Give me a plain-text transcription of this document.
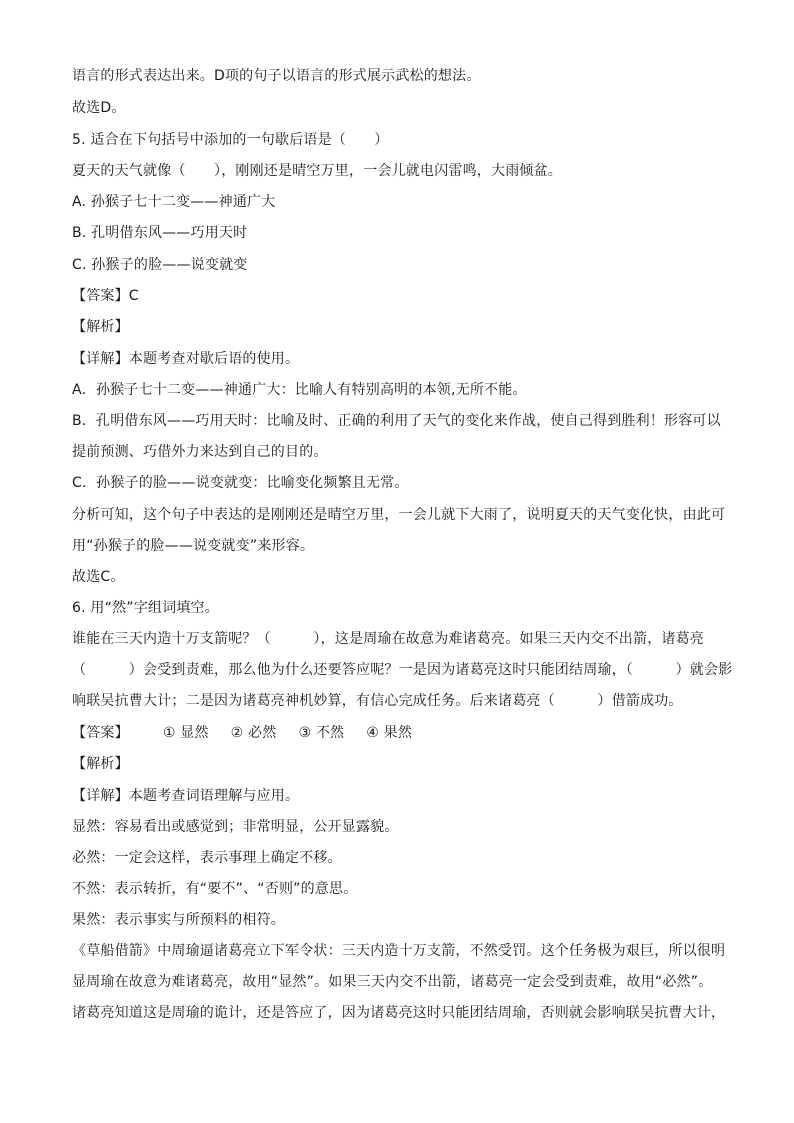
语言的形式表达出来。D项的句子以语言的形式展示武松的想法。
故选D。
5. 适合在下句括号中添加的一句歇后语是（　　）
夏天的天气就像（　　），刚刚还是晴空万里，一会儿就电闪雷鸣，大雨倾盆。
A. 孙猴子七十二变——神通广大
B. 孔明借东风——巧用天时
C. 孙猴子的脸——说变就变
【答案】C
【解析】
【详解】本题考查对歇后语的使用。
A．孙猴子七十二变——神通广大：比喻人有特别高明的本领,无所不能。
B．孔明借东风——巧用天时：比喻及时、正确的利用了天气的变化来作战，使自己得到胜利！形容可以
提前预测、巧借外力来达到自己的目的。
C．孙猴子的脸——说变就变：比喻变化频繁且无常。
分析可知，这个句子中表达的是刚刚还是晴空万里，一会儿就下大雨了，说明夏天的天气变化快，由此可
用“孙猴子的脸——说变就变”来形容。
故选C。
6. 用“然”字组词填空。
谁能在三天内造十万支箭呢？（　　　），这是周瑜在故意为难诸葛亮。如果三天内交不出箭，诸葛亮
（　　　）会受到责难，那么他为什么还要答应呢？一是因为诸葛亮这时只能团结周瑜，（　　　）就会影
响联吴抗曹大计；二是因为诸葛亮神机妙算，有信心完成任务。后来诸葛亮（　　　）借箭成功。
【答案】 ① 显然 ② 必然 ③ 不然 ④ 果然
【解析】
【详解】本题考查词语理解与应用。
显然：容易看出或感觉到；非常明显，公开显露貌。
必然：一定会这样，表示事理上确定不移。
不然：表示转折，有“要不”、“否则”的意思。
果然：表示事实与所预料的相符。
《草船借箭》中周瑜逼诸葛亮立下军令状：三天内造十万支箭，不然受罚。这个任务极为艰巨，所以很明
显周瑜在故意为难诸葛亮，故用“显然”。如果三天内交不出箭，诸葛亮一定会受到责难，故用“必然”。
诸葛亮知道这是周瑜的诡计，还是答应了，因为诸葛亮这时只能团结周瑜，否则就会影响联吴抗曹大计，
